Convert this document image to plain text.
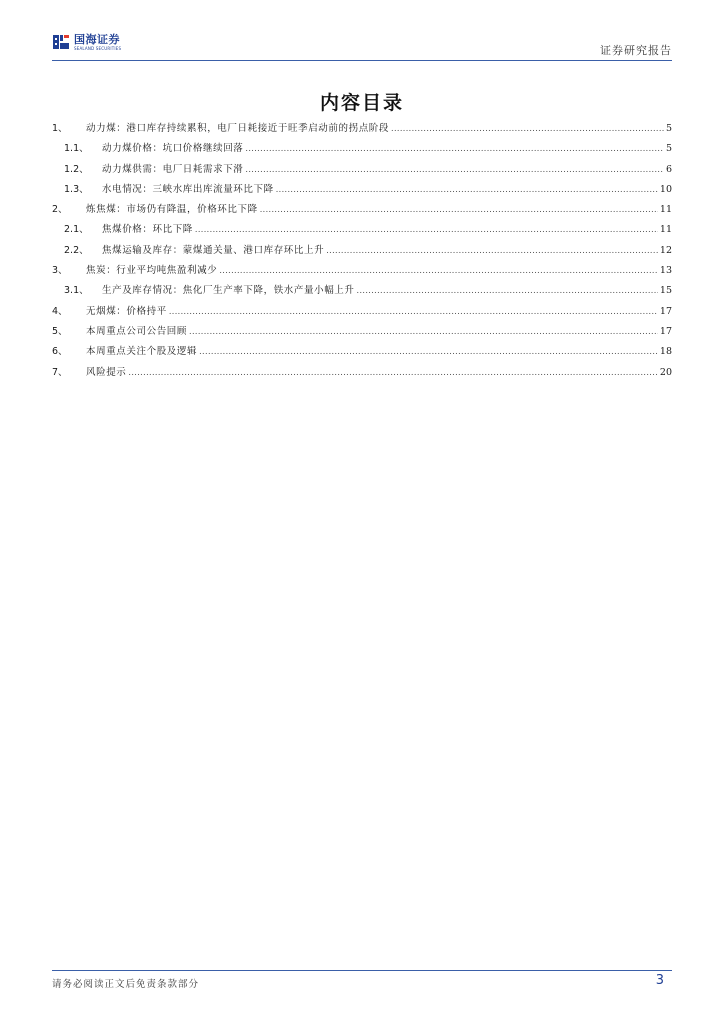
国海证券
SEALAND SECURITIES	证券研究报告
内容目录
1、	动力煤：港口库存持续累积，电厂日耗接近于旺季启动前的拐点阶段 .....	5
1.1、	动力煤价格：坑口价格继续回落 .....	5
1.2、	动力煤供需：电厂日耗需求下滑 .....	6
1.3、	水电情况：三峡水库出库流量环比下降 .....	10
2、	炼焦煤：市场仍有降温，价格环比下降 .....	11
2.1、	焦煤价格：环比下降 .....	11
2.2、	焦煤运输及库存：蒙煤通关量、港口库存环比上升 .....	12
3、	焦炭：行业平均吨焦盈利减少 .....	13
3.1、	生产及库存情况：焦化厂生产率下降，铁水产量小幅上升 .....	15
4、	无烟煤：价格持平 .....	17
5、	本周重点公司公告回顾 .....	17
6、	本周重点关注个股及逻辑 .....	18
7、	风险提示 .....	20
请务必阅读正文后免责条款部分	3
